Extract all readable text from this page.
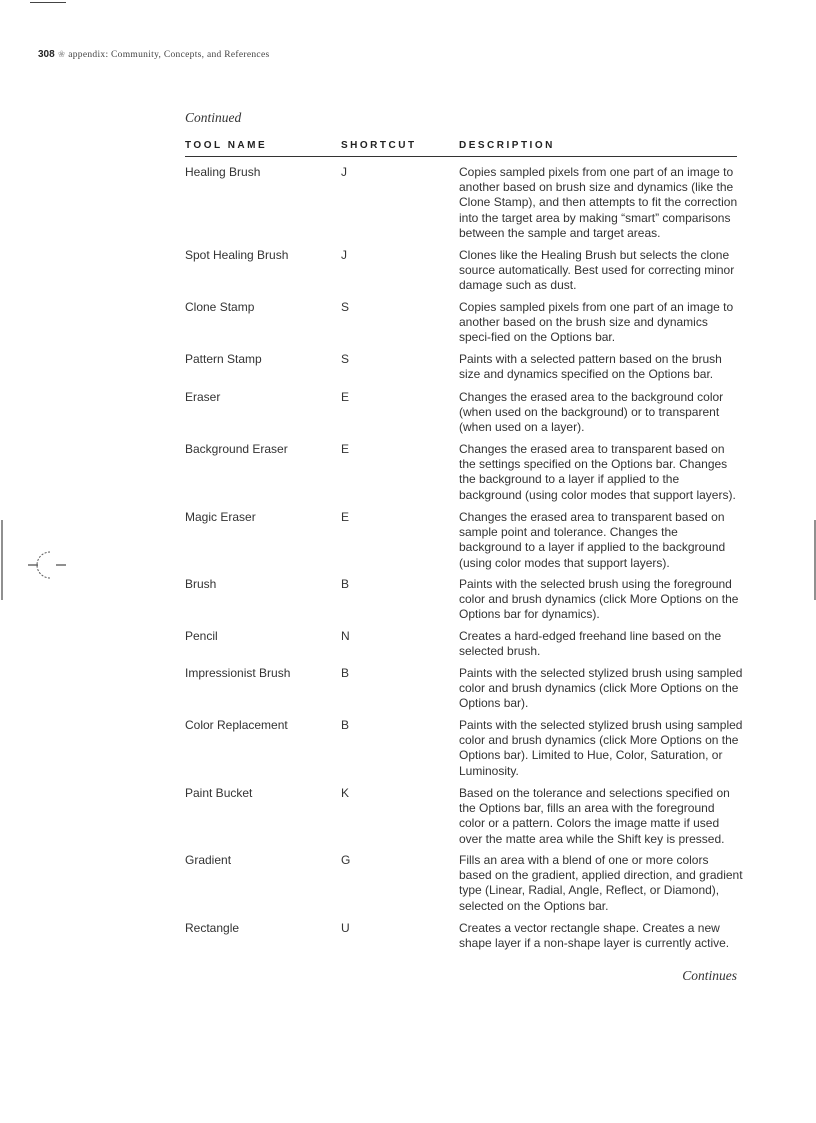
308 ❀ appendix: Community, Concepts, and References
Continued
TOOL NAME	SHORTCUT	DESCRIPTION
Healing Brush	J	Copies sampled pixels from one part of an image to another based on brush size and dynamics (like the Clone Stamp), and then attempts to fit the correction into the target area by making “smart” comparisons between the sample and target areas.
Spot Healing Brush	J	Clones like the Healing Brush but selects the clone source automatically. Best used for correcting minor damage such as dust.
Clone Stamp	S	Copies sampled pixels from one part of an image to another based on the brush size and dynamics speci-fied on the Options bar.
Pattern Stamp	S	Paints with a selected pattern based on the brush size and dynamics specified on the Options bar.
Eraser	E	Changes the erased area to the background color (when used on the background) or to transparent (when used on a layer).
Background Eraser	E	Changes the erased area to transparent based on the settings specified on the Options bar. Changes the background to a layer if applied to the background (using color modes that support layers).
Magic Eraser	E	Changes the erased area to transparent based on sample point and tolerance. Changes the background to a layer if applied to the background (using color modes that support layers).
Brush	B	Paints with the selected brush using the foreground color and brush dynamics (click More Options on the Options bar for dynamics).
Pencil	N	Creates a hard-edged freehand line based on the selected brush.
Impressionist Brush	B	Paints with the selected stylized brush using sampled color and brush dynamics (click More Options on the Options bar).
Color Replacement	B	Paints with the selected stylized brush using sampled color and brush dynamics (click More Options on the Options bar). Limited to Hue, Color, Saturation, or Luminosity.
Paint Bucket	K	Based on the tolerance and selections specified on the Options bar, fills an area with the foreground color or a pattern. Colors the image matte if used over the matte area while the Shift key is pressed.
Gradient	G	Fills an area with a blend of one or more colors based on the gradient, applied direction, and gradient type (Linear, Radial, Angle, Reflect, or Diamond), selected on the Options bar.
Rectangle	U	Creates a vector rectangle shape. Creates a new shape layer if a non-shape layer is currently active.
Continues
